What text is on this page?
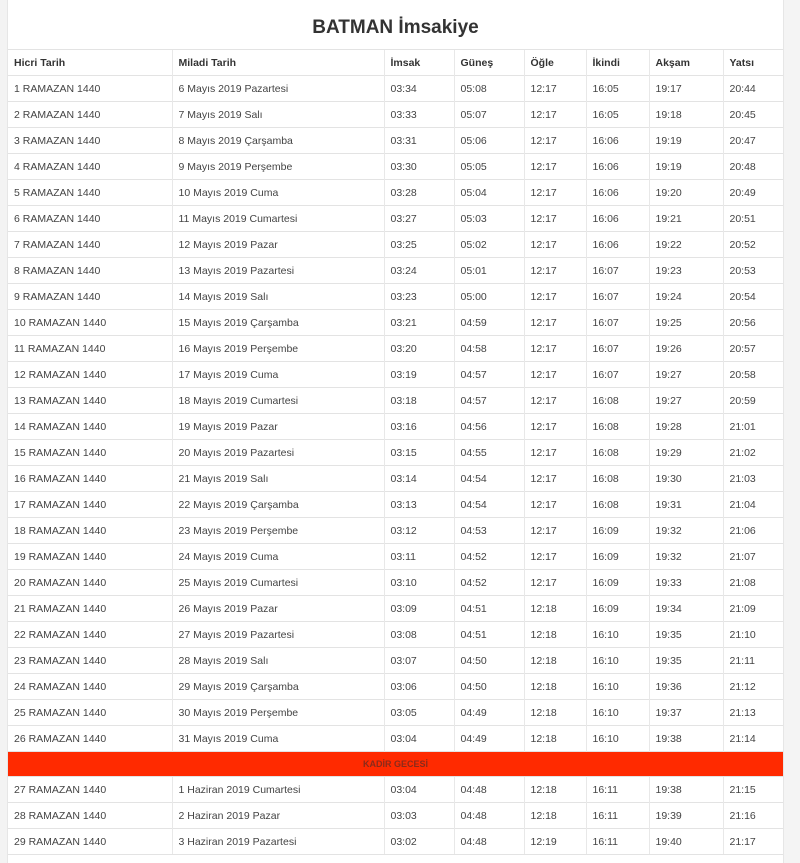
BATMAN İmsakiye
Hicri Tarih	Miladi Tarih	İmsak	Güneş	Öğle	İkindi	Akşam	Yatsı
1 RAMAZAN 1440	6 Mayıs 2019 Pazartesi	03:34	05:08	12:17	16:05	19:17	20:44
2 RAMAZAN 1440	7 Mayıs 2019 Salı	03:33	05:07	12:17	16:05	19:18	20:45
3 RAMAZAN 1440	8 Mayıs 2019 Çarşamba	03:31	05:06	12:17	16:06	19:19	20:47
4 RAMAZAN 1440	9 Mayıs 2019 Perşembe	03:30	05:05	12:17	16:06	19:19	20:48
5 RAMAZAN 1440	10 Mayıs 2019 Cuma	03:28	05:04	12:17	16:06	19:20	20:49
6 RAMAZAN 1440	11 Mayıs 2019 Cumartesi	03:27	05:03	12:17	16:06	19:21	20:51
7 RAMAZAN 1440	12 Mayıs 2019 Pazar	03:25	05:02	12:17	16:06	19:22	20:52
8 RAMAZAN 1440	13 Mayıs 2019 Pazartesi	03:24	05:01	12:17	16:07	19:23	20:53
9 RAMAZAN 1440	14 Mayıs 2019 Salı	03:23	05:00	12:17	16:07	19:24	20:54
10 RAMAZAN 1440	15 Mayıs 2019 Çarşamba	03:21	04:59	12:17	16:07	19:25	20:56
11 RAMAZAN 1440	16 Mayıs 2019 Perşembe	03:20	04:58	12:17	16:07	19:26	20:57
12 RAMAZAN 1440	17 Mayıs 2019 Cuma	03:19	04:57	12:17	16:07	19:27	20:58
13 RAMAZAN 1440	18 Mayıs 2019 Cumartesi	03:18	04:57	12:17	16:08	19:27	20:59
14 RAMAZAN 1440	19 Mayıs 2019 Pazar	03:16	04:56	12:17	16:08	19:28	21:01
15 RAMAZAN 1440	20 Mayıs 2019 Pazartesi	03:15	04:55	12:17	16:08	19:29	21:02
16 RAMAZAN 1440	21 Mayıs 2019 Salı	03:14	04:54	12:17	16:08	19:30	21:03
17 RAMAZAN 1440	22 Mayıs 2019 Çarşamba	03:13	04:54	12:17	16:08	19:31	21:04
18 RAMAZAN 1440	23 Mayıs 2019 Perşembe	03:12	04:53	12:17	16:09	19:32	21:06
19 RAMAZAN 1440	24 Mayıs 2019 Cuma	03:11	04:52	12:17	16:09	19:32	21:07
20 RAMAZAN 1440	25 Mayıs 2019 Cumartesi	03:10	04:52	12:17	16:09	19:33	21:08
21 RAMAZAN 1440	26 Mayıs 2019 Pazar	03:09	04:51	12:18	16:09	19:34	21:09
22 RAMAZAN 1440	27 Mayıs 2019 Pazartesi	03:08	04:51	12:18	16:10	19:35	21:10
23 RAMAZAN 1440	28 Mayıs 2019 Salı	03:07	04:50	12:18	16:10	19:35	21:11
24 RAMAZAN 1440	29 Mayıs 2019 Çarşamba	03:06	04:50	12:18	16:10	19:36	21:12
25 RAMAZAN 1440	30 Mayıs 2019 Perşembe	03:05	04:49	12:18	16:10	19:37	21:13
26 RAMAZAN 1440	31 Mayıs 2019 Cuma	03:04	04:49	12:18	16:10	19:38	21:14
KADİR GECESİ							
27 RAMAZAN 1440	1 Haziran 2019 Cumartesi	03:04	04:48	12:18	16:11	19:38	21:15
28 RAMAZAN 1440	2 Haziran 2019 Pazar	03:03	04:48	12:18	16:11	19:39	21:16
29 RAMAZAN 1440	3 Haziran 2019 Pazartesi	03:02	04:48	12:19	16:11	19:40	21:17
